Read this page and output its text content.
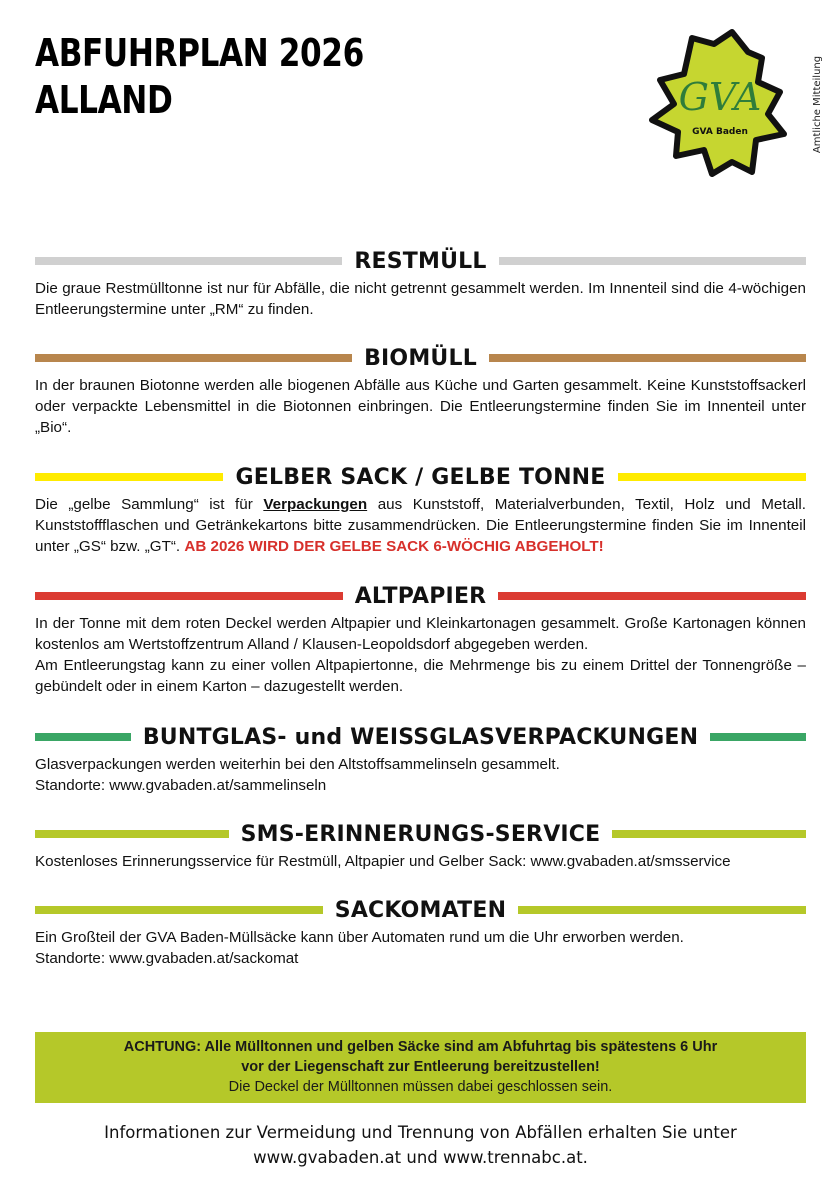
ABFUHRPLAN 2026
ALLAND	GVA
GVA Baden	Amtliche Mitteilung
RESTMÜLL

Die graue Restmülltonne ist nur für Abfälle, die nicht getrennt gesammelt werden. Im Innenteil sind die 4-wöchigen Entleerungstermine unter „RM“ zu finden.

BIOMÜLL

In der braunen Biotonne werden alle biogenen Abfälle aus Küche und Garten gesammelt. Keine Kunststoffsackerl oder verpackte Lebensmittel in die Biotonnen einbringen. Die Entleerungstermine finden Sie im Innenteil unter „Bio“.

GELBER SACK / GELBE TONNE

Die „gelbe Sammlung“ ist für Verpackungen aus Kunststoff, Materialverbunden, Textil, Holz und Metall. Kunststoffflaschen und Getränkekartons bitte zusammendrücken. Die Entleerungstermine finden Sie im Innenteil unter „GS“ bzw. „GT“. AB 2026 WIRD DER GELBE SACK 6-WÖCHIG ABGEHOLT!

ALTPAPIER

In der Tonne mit dem roten Deckel werden Altpapier und Kleinkartonagen gesammelt. Große Kartonagen können kostenlos am Wertstoffzentrum Alland / Klausen-Leopoldsdorf abgegeben werden.

Am Entleerungstag kann zu einer vollen Altpapiertonne, die Mehrmenge bis zu einem Drittel der Tonnengröße – gebündelt oder in einem Karton – dazugestellt werden.

BUNTGLAS- und WEISSGLASVERPACKUNGEN

Glasverpackungen werden weiterhin bei den Altstoffsammelinseln gesammelt.

Standorte: www.gvabaden.at/sammelinseln

SMS-ERINNERUNGS-SERVICE

Kostenloses Erinnerungsservice für Restmüll, Altpapier und Gelber Sack: www.gvabaden.at/smsservice

SACKOMATEN

Ein Großteil der GVA Baden-Müllsäcke kann über Automaten rund um die Uhr erworben werden.

Standorte: www.gvabaden.at/sackomat

ACHTUNG: Alle Mülltonnen und gelben Säcke sind am Abfuhrtag bis spätestens 6 Uhr
vor der Liegenschaft zur Entleerung bereitzustellen!
Die Deckel der Mülltonnen müssen dabei geschlossen sein.
Informationen zur Vermeidung und Trennung von Abfällen erhalten Sie unter
www.gvabaden.at und www.trennabc.at.
